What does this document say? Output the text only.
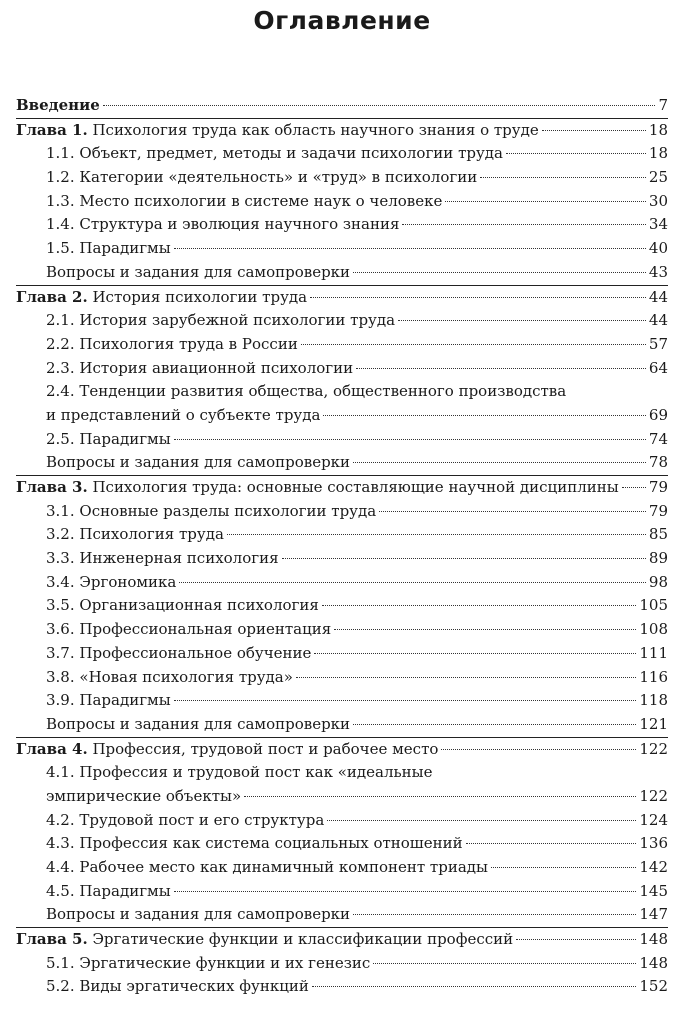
Оглавление
Введение	7
Глава 1. Психология труда как область научного знания о труде	18
1.1. Объект, предмет, методы и задачи психологии труда	18
1.2. Категории «деятельность» и «труд» в психологии	25
1.3. Место психологии в системе наук о человеке	30
1.4. Структура и эволюция научного знания	34
1.5. Парадигмы	40
Вопросы и задания для самопроверки	43
Глава 2. История психологии труда	44
2.1. История зарубежной психологии труда	44
2.2. Психология труда в России	57
2.3. История авиационной психологии	64
2.4. Тенденции развития общества, общественного производства
и представлений о субъекте труда	69
2.5. Парадигмы	74
Вопросы и задания для самопроверки	78
Глава 3. Психология труда: основные составляющие научной дисциплины 79
3.1. Основные разделы психологии труда	79
3.2. Психология труда	85
3.3. Инженерная психология	89
3.4. Эргономика	98
3.5. Организационная психология	105
3.6. Профессиональная ориентация	108
3.7. Профессиональное обучение	111
3.8. «Новая психология труда»	116
3.9. Парадигмы	118
Вопросы и задания для самопроверки	121
Глава 4. Профессия, трудовой пост и рабочее место	122
4.1. Профессия и трудовой пост как «идеальные
эмпирические объекты»	122
4.2. Трудовой пост и его структура	124
4.3. Профессия как система социальных отношений	136
4.4. Рабочее место как динамичный компонент триады	142
4.5. Парадигмы	145
Вопросы и задания для самопроверки	147
Глава 5. Эргатические функции и классификации профессий	148
5.1. Эргатические функции и их генезис	148
5.2. Виды эргатических функций	152
